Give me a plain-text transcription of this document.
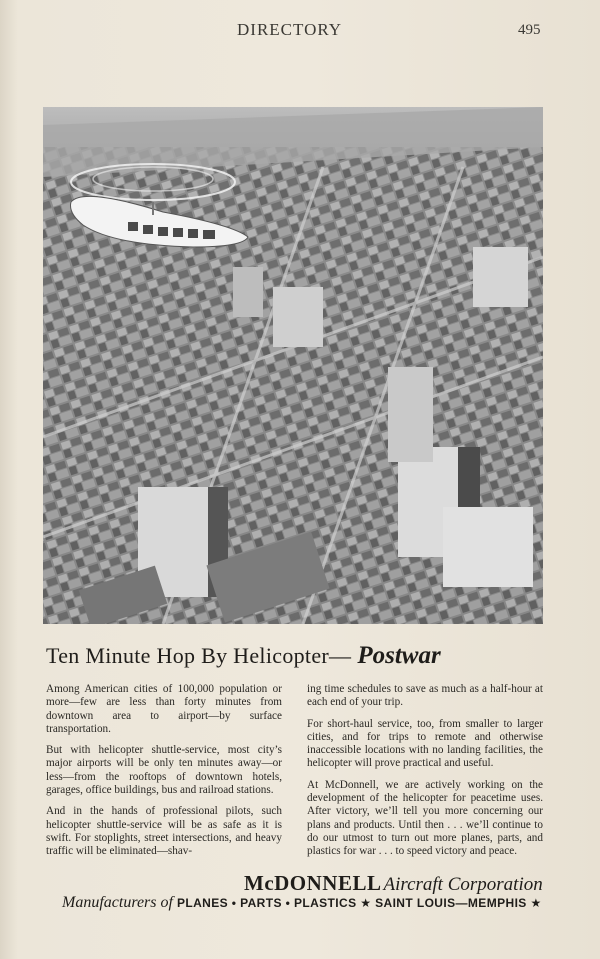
DIRECTORY	495
Ten Minute Hop By Helicopter— Postwar

Among American cities of 100,000 population or more—few are less than forty minutes from downtown area to airport—by surface transportation.

But with helicopter shuttle-service, most city’s major airports will be only ten minutes away—or less—from the rooftops of downtown hotels, garages, office buildings, bus and railroad stations.

And in the hands of professional pilots, such helicopter shuttle-service will be as safe as it is swift. For stoplights, street intersections, and heavy traffic will be eliminated—shav-

ing time schedules to save as much as a half-hour at each end of your trip.

For short-haul service, too, from smaller to larger cities, and for trips to remote and otherwise inaccessible locations with no landing facilities, the helicopter will prove practical and useful.

At McDonnell, we are actively working on the development of the helicopter for peacetime uses. After victory, we’ll tell you more concerning our plans and products. Until then . . . we’ll continue to do our utmost to turn out more planes, parts, and plastics for war . . . to speed victory and peace.

McDONNELL Aircraft Corporation
Manufacturers of PLANES • PARTS • PLASTICS ★ SAINT LOUIS—MEMPHIS ★
